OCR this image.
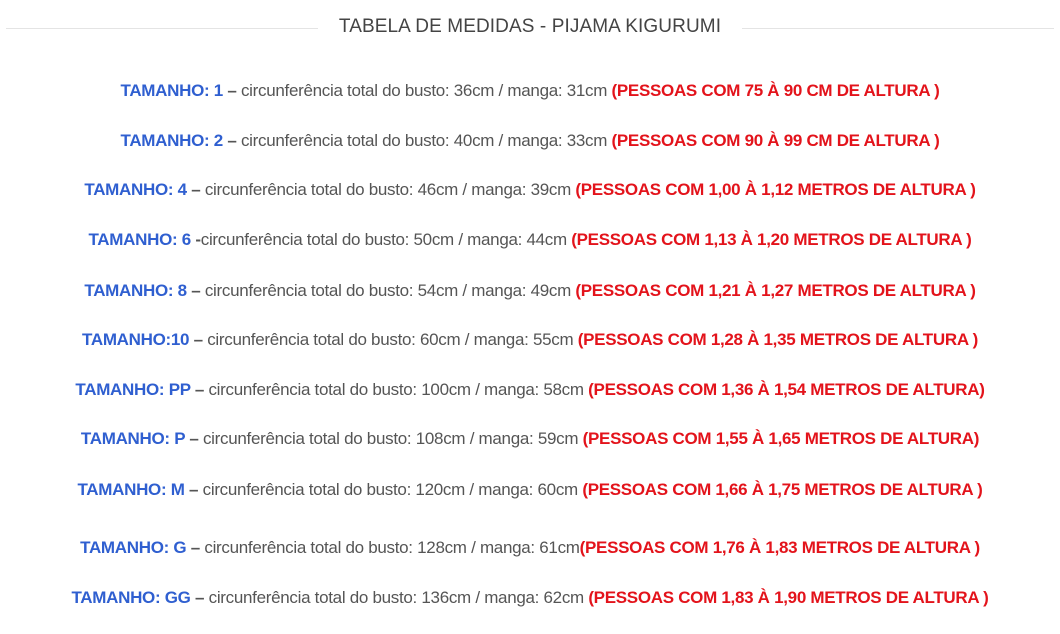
TABELA DE MEDIDAS - PIJAMA KIGURUMI
TAMANHO: 1 – circunferência total do busto: 36cm / manga: 31cm (PESSOAS COM 75 À 90 CM DE ALTURA )
TAMANHO: 2 – circunferência total do busto: 40cm / manga: 33cm (PESSOAS COM 90 À 99 CM DE ALTURA )
TAMANHO: 4 – circunferência total do busto: 46cm / manga: 39cm (PESSOAS COM 1,00 À 1,12 METROS DE ALTURA )
TAMANHO: 6 -circunferência total do busto: 50cm / manga: 44cm (PESSOAS COM 1,13 À 1,20 METROS DE ALTURA )
TAMANHO: 8 – circunferência total do busto: 54cm / manga: 49cm (PESSOAS COM 1,21 À 1,27 METROS DE ALTURA )
TAMANHO:10 – circunferência total do busto: 60cm / manga: 55cm (PESSOAS COM 1,28 À 1,35 METROS DE ALTURA )
TAMANHO: PP – circunferência total do busto: 100cm / manga: 58cm (PESSOAS COM 1,36 À 1,54 METROS DE ALTURA)
TAMANHO: P – circunferência total do busto: 108cm / manga: 59cm (PESSOAS COM 1,55 À 1,65 METROS DE ALTURA)
TAMANHO: M – circunferência total do busto: 120cm / manga: 60cm (PESSOAS COM 1,66 À 1,75 METROS DE ALTURA )
TAMANHO: G – circunferência total do busto: 128cm / manga: 61cm(PESSOAS COM 1,76 À 1,83 METROS DE ALTURA )
TAMANHO: GG – circunferência total do busto: 136cm / manga: 62cm (PESSOAS COM 1,83 À 1,90 METROS DE ALTURA )
